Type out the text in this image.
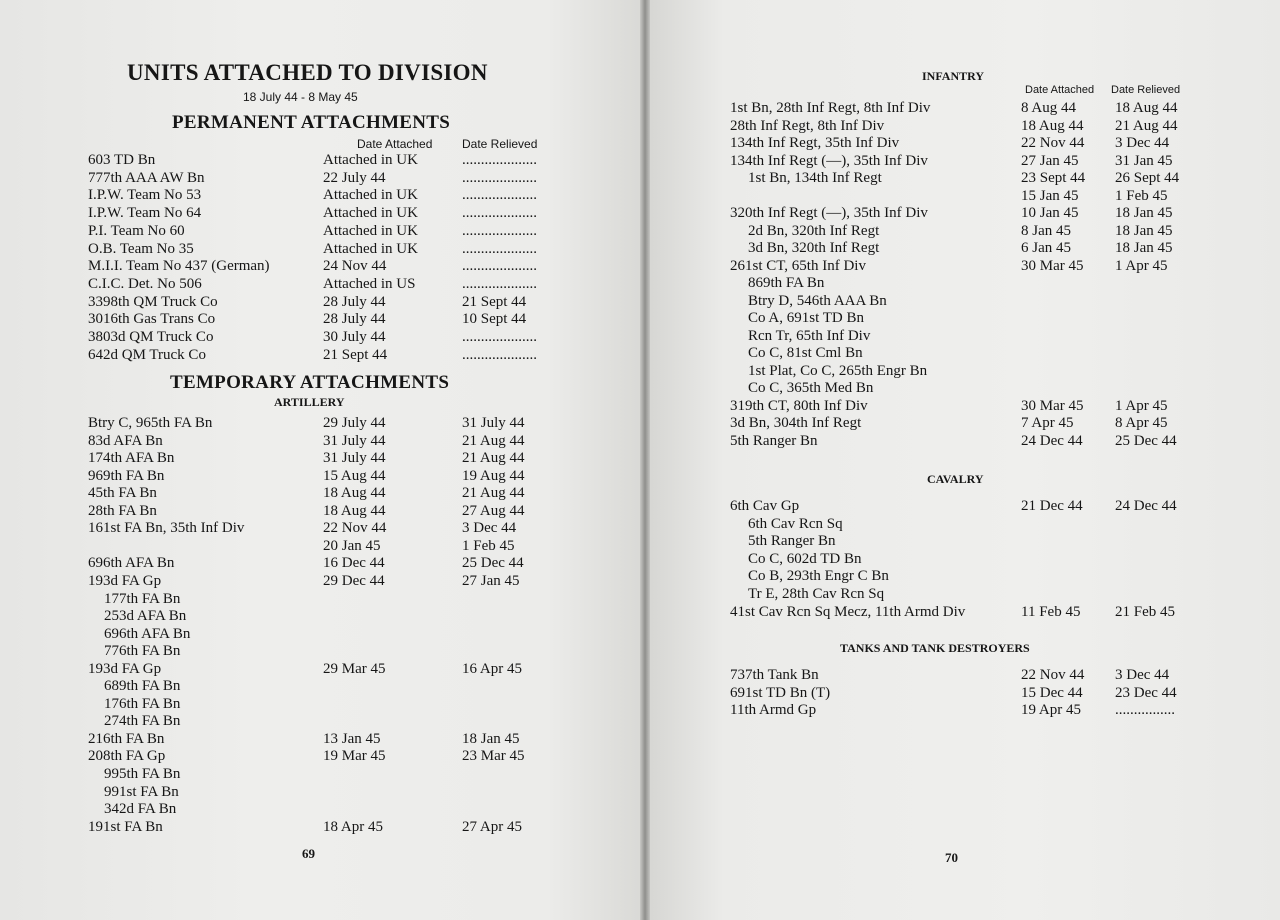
UNITS ATTACHED TO DIVISION
18 July 44 - 8 May 45
PERMANENT ATTACHMENTS
Date Attached Date Relieved
603 TD Bn	Attached in UK	....................
777th AAA AW Bn	22 July 44	....................
I.P.W. Team No 53	Attached in UK	....................
I.P.W. Team No 64	Attached in UK	....................
P.I. Team No 60	Attached in UK	....................
O.B. Team No 35	Attached in UK	....................
M.I.I. Team No 437 (German)	24 Nov 44	....................
C.I.C. Det. No 506	Attached in US	....................
3398th QM Truck Co	28 July 44	21 Sept 44
3016th Gas Trans Co	28 July 44	10 Sept 44
3803d QM Truck Co	30 July 44	....................
642d QM Truck Co	21 Sept 44	....................
TEMPORARY ATTACHMENTS
ARTILLERY
Btry C, 965th FA Bn	29 July 44	31 July 44
83d AFA Bn	31 July 44	21 Aug 44
174th AFA Bn	31 July 44	21 Aug 44
969th FA Bn	15 Aug 44	19 Aug 44
45th FA Bn	18 Aug 44	21 Aug 44
28th FA Bn	18 Aug 44	27 Aug 44
161st FA Bn, 35th Inf Div	22 Nov 44	3 Dec 44
20 Jan 45	1 Feb 45
696th AFA Bn	16 Dec 44	25 Dec 44
193d FA Gp	29 Dec 44	27 Jan 45
177th FA Bn
253d AFA Bn
696th AFA Bn
776th FA Bn
193d FA Gp	29 Mar 45	16 Apr 45
689th FA Bn
176th FA Bn
274th FA Bn
216th FA Bn	13 Jan 45	18 Jan 45
208th FA Gp	19 Mar 45	23 Mar 45
995th FA Bn
991st FA Bn
342d FA Bn
191st FA Bn	18 Apr 45	27 Apr 45
69
INFANTRY
Date Attached Date Relieved
1st Bn, 28th Inf Regt, 8th Inf Div	8 Aug 44	18 Aug 44
28th Inf Regt, 8th Inf Div	18 Aug 44 21 Aug 44
134th Inf Regt, 35th Inf Div	22 Nov 44 3 Dec 44
134th Inf Regt (—), 35th Inf Div	27 Jan 45 31 Jan 45
1st Bn, 134th Inf Regt	23 Sept 44 26 Sept 44
15 Jan 45 1 Feb 45
320th Inf Regt (—), 35th Inf Div	10 Jan 45 18 Jan 45
2d Bn, 320th Inf Regt	8 Jan 45	18 Jan 45
3d Bn, 320th Inf Regt	6 Jan 45	18 Jan 45
261st CT, 65th Inf Div	30 Mar 45 1 Apr 45
869th FA Bn
Btry D, 546th AAA Bn
Co A, 691st TD Bn
Rcn Tr, 65th Inf Div
Co C, 81st Cml Bn
1st Plat, Co C, 265th Engr Bn
Co C, 365th Med Bn
319th CT, 80th Inf Div	30 Mar 45 1 Apr 45
3d Bn, 304th Inf Regt	7 Apr 45	8 Apr 45
5th Ranger Bn	24 Dec 44 25 Dec 44
CAVALRY
6th Cav Gp	21 Dec 44 24 Dec 44
6th Cav Rcn Sq
5th Ranger Bn
Co C, 602d TD Bn
Co B, 293th Engr C Bn
Tr E, 28th Cav Rcn Sq
41st Cav Rcn Sq Mecz, 11th Armd Div	11 Feb 45 21 Feb 45
TANKS AND TANK DESTROYERS
737th Tank Bn	22 Nov 44 3 Dec 44
691st TD Bn (T)	15 Dec 44 23 Dec 44
11th Armd Gp	19 Apr 45 ................
70
